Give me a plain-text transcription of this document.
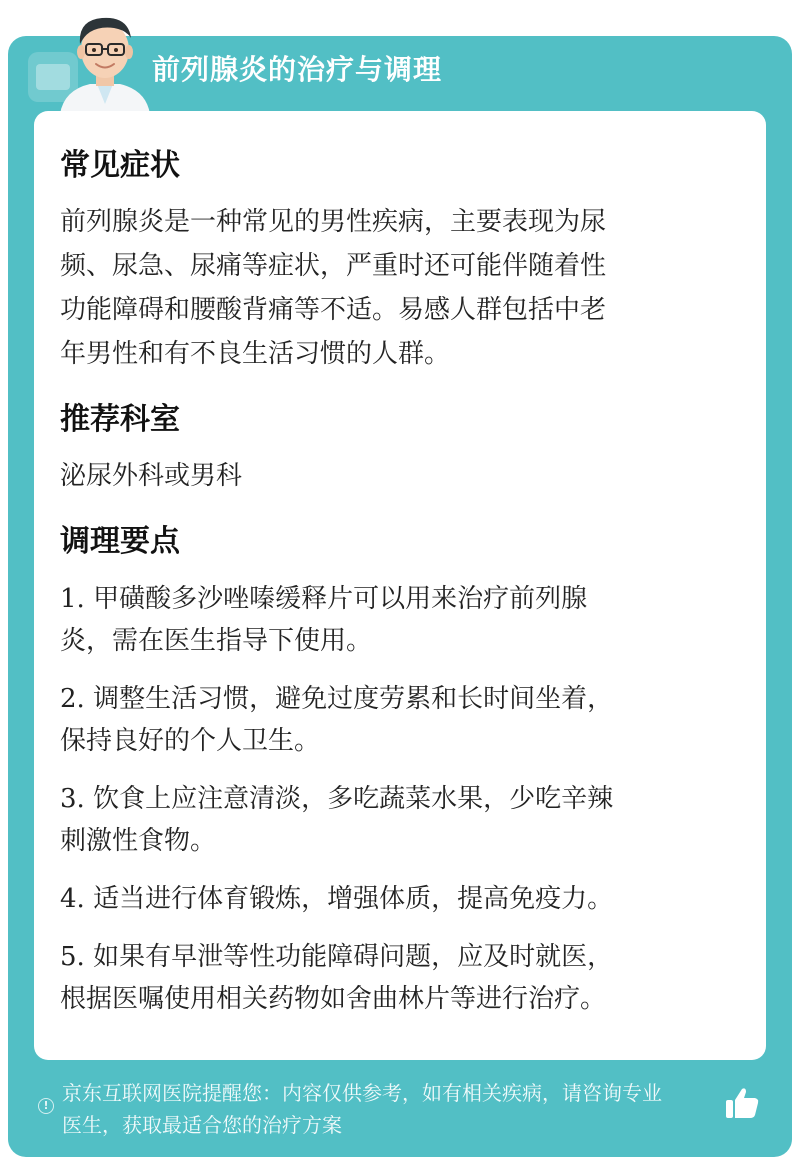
前列腺炎的治疗与调理
常见症状
前列腺炎是一种常见的男性疾病，主要表现为尿
频、尿急、尿痛等症状，严重时还可能伴随着性
功能障碍和腰酸背痛等不适。易感人群包括中老
年男性和有不良生活习惯的人群。
推荐科室
泌尿外科或男科
调理要点
1. 甲磺酸多沙唑嗪缓释片可以用来治疗前列腺
炎，需在医生指导下使用。
2. 调整生活习惯，避免过度劳累和长时间坐着，
保持良好的个人卫生。
3. 饮食上应注意清淡，多吃蔬菜水果，少吃辛辣
刺激性食物。
4. 适当进行体育锻炼，增强体质，提高免疫力。
5. 如果有早泄等性功能障碍问题，应及时就医，
根据医嘱使用相关药物如舍曲林片等进行治疗。
!
京东互联网医院提醒您：内容仅供参考，如有相关疾病，请咨询专业
医生，获取最适合您的治疗方案
